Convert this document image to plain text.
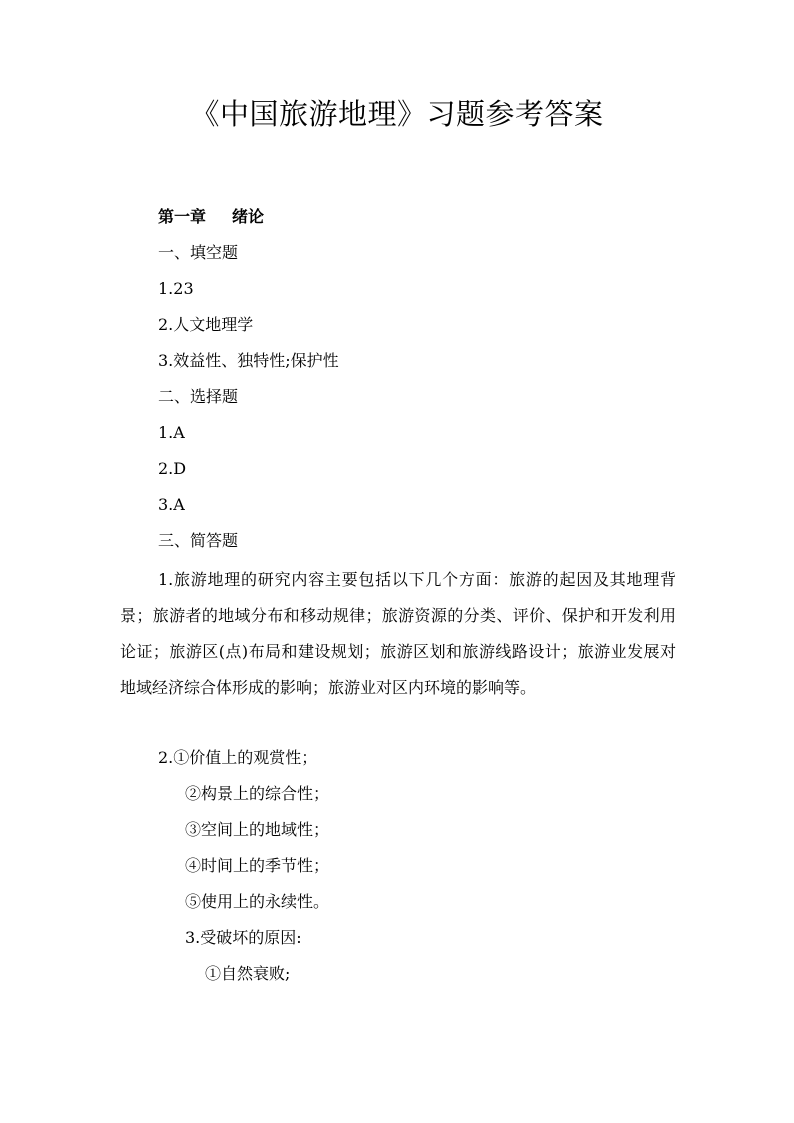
《中国旅游地理》习题参考答案
第一章 绪论
一、填空题
1.23
2.人文地理学
3.效益性、独特性;保护性
二、选择题
1.A
2.D
3.A
三、简答题
1.旅游地理的研究内容主要包括以下几个方面：旅游的起因及其地理背景；旅游者的地域分布和移动规律；旅游资源的分类、评价、保护和开发利用论证；旅游区(点)布局和建设规划；旅游区划和旅游线路设计；旅游业发展对地域经济综合体形成的影响；旅游业对区内环境的影响等。
2.①价值上的观赏性；
②构景上的综合性；
③空间上的地域性；
④时间上的季节性；
⑤使用上的永续性。
3.受破坏的原因:
①自然衰败;
